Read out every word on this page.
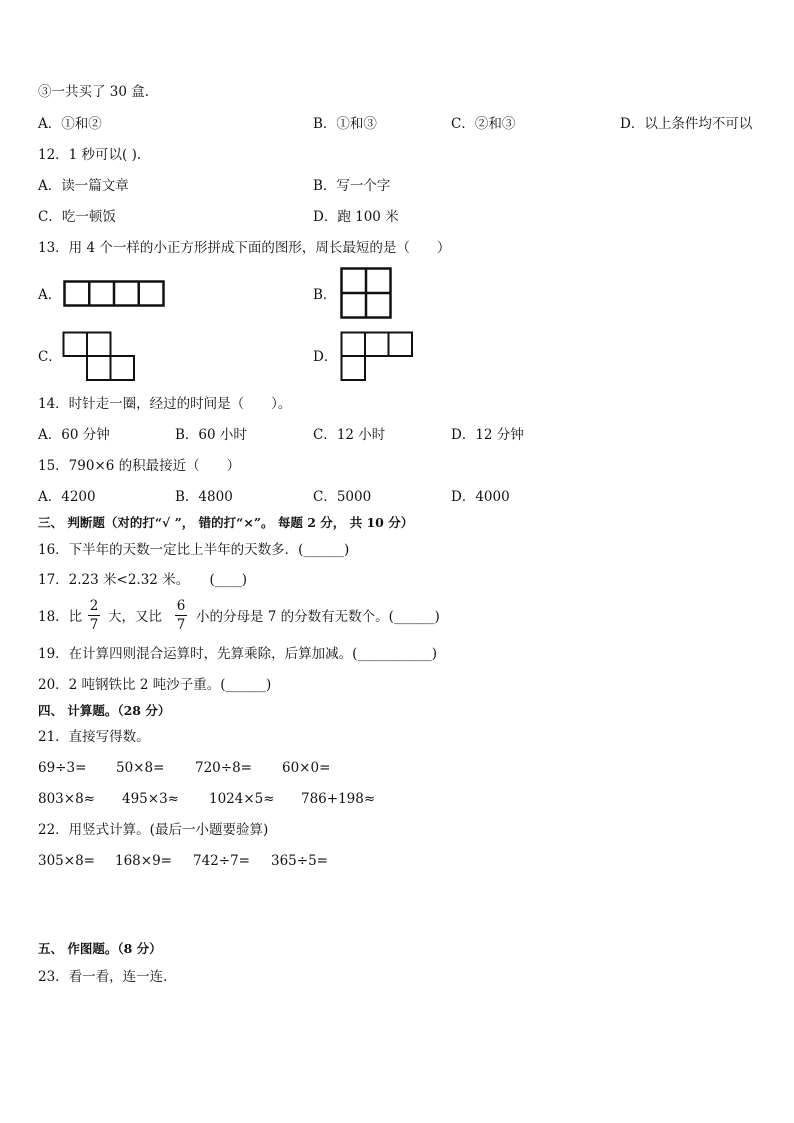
③一共买了 30 盒.
A．①和②	B．①和③	C．②和③	D．以上条件均不可以
12．1 秒可以( ).
A．读一篇文章	B．写一个字
C．吃一顿饭	D．跑 100 米
13．用 4 个一样的小正方形拼成下面的图形，周长最短的是（　　）
A．	B．
C．	D．
14．时针走一圈，经过的时间是（　　）。
A．60 分钟	B．60 小时	C．12 小时	D．12 分钟
15．790×6 的积最接近（　　）
A．4200	B．4800	C．5000	D．4000
三、 判断题（对的打“√ ”， 错的打“×”。 每题 2 分， 共 10 分）
16．下半年的天数一定比上半年的天数多．(______)
17．2.23 米<2.32 米。　　(____)
18．比
2
7 大，又比
6
7 小的分母是 7 的分数有无数个。(______)
19．在计算四则混合运算时，先算乘除，后算加减。(___________)
20．2 吨钢铁比 2 吨沙子重。(______)
四、 计算题。（28 分）
21．直接写得数。
69÷3= 50×8= 720÷8= 60×0=
803×8≈ 495×3≈ 1024×5≈ 786+198≈
22．用竖式计算。(最后一小题要验算)
305×8= 168×9= 742÷7= 365÷5=
五、 作图题。（8 分）
23．看一看，连一连.
